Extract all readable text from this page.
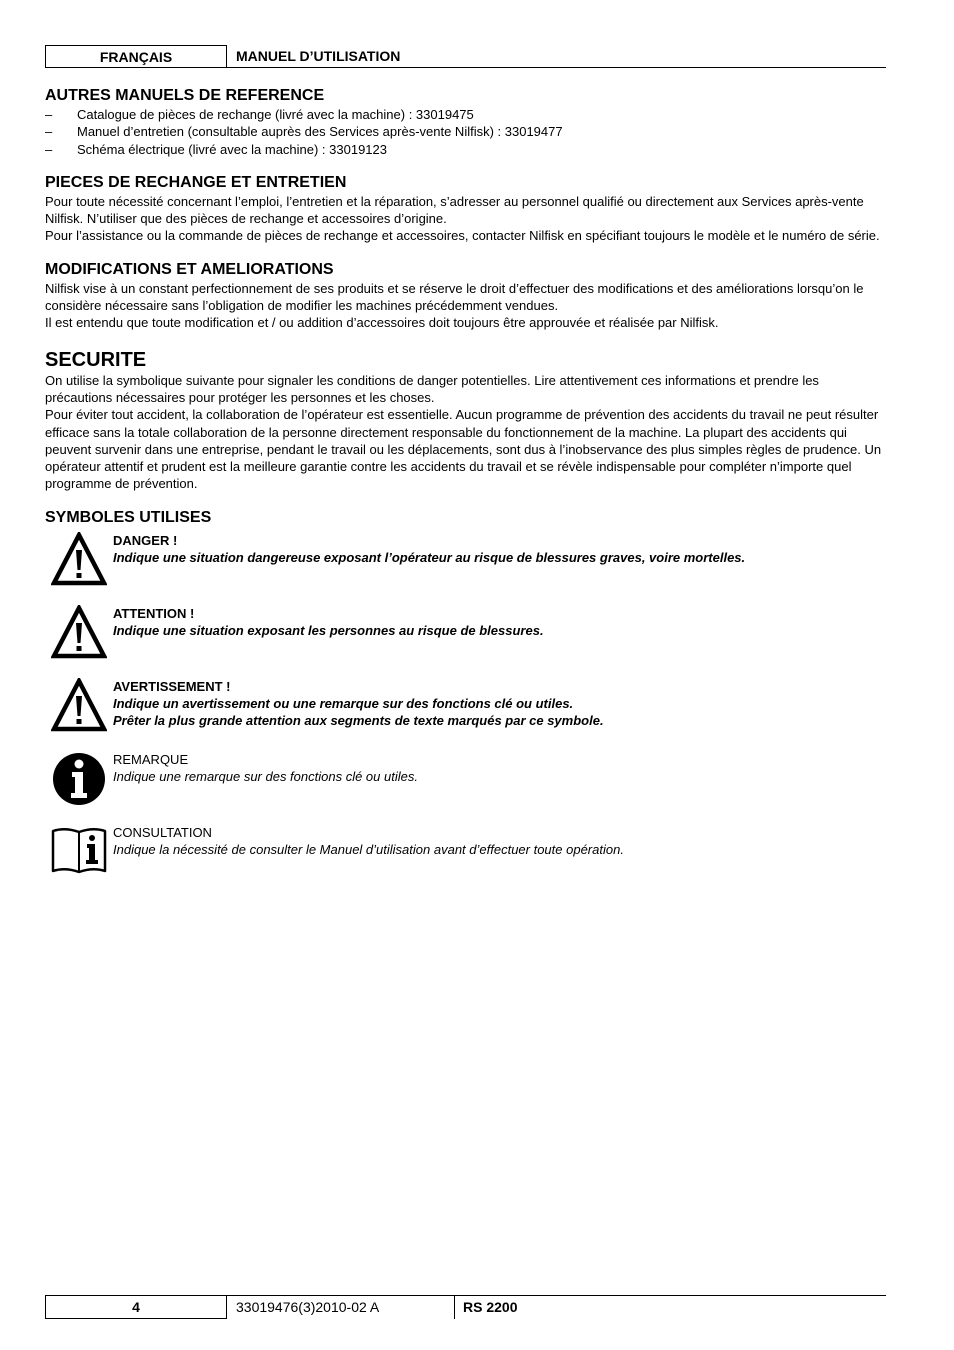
FRANÇAIS	MANUEL D’UTILISATION
AUTRES MANUELS DE REFERENCE
– Catalogue de pièces de rechange (livré avec la machine) : 33019475
– Manuel d’entretien (consultable auprès des Services après-vente Nilfisk) : 33019477
– Schéma électrique (livré avec la machine) : 33019123
PIECES DE RECHANGE ET ENTRETIEN

Pour toute nécessité concernant l’emploi, l’entretien et la réparation, s’adresser au personnel qualifié ou directement aux Services après-vente Nilfisk. N’utiliser que des pièces de rechange et accessoires d’origine.

Pour l’assistance ou la commande de pièces de rechange et accessoires, contacter Nilfisk en spécifiant toujours le modèle et le numéro de série.

MODIFICATIONS ET AMELIORATIONS

Nilfisk vise à un constant perfectionnement de ses produits et se réserve le droit d’effectuer des modifications et des améliorations lorsqu’on le considère nécessaire sans l’obligation de modifier les machines précédemment vendues.

Il est entendu que toute modification et / ou addition d’accessoires doit toujours être approuvée et réalisée par Nilfisk.

SECURITE

On utilise la symbolique suivante pour signaler les conditions de danger potentielles. Lire attentivement ces informations et prendre les précautions nécessaires pour protéger les personnes et les choses.

Pour éviter tout accident, la collaboration de l’opérateur est essentielle. Aucun programme de prévention des accidents du travail ne peut résulter efficace sans la totale collaboration de la personne directement responsable du fonctionnement de la machine. La plupart des accidents qui peuvent survenir dans une entreprise, pendant le travail ou les déplacements, sont dus à l’inobservance des plus simples règles de prudence. Un opérateur attentif et prudent est la meilleure garantie contre les accidents du travail et se révèle indispensable pour compléter n’importe quel programme de prévention.

SYMBOLES UTILISES
DANGER !
Indique une situation dangereuse exposant l’opérateur au risque de blessures graves, voire mortelles.
ATTENTION !
Indique une situation exposant les personnes au risque de blessures.
AVERTISSEMENT !
Indique un avertissement ou une remarque sur des fonctions clé ou utiles.
Prêter la plus grande attention aux segments de texte marqués par ce symbole.
REMARQUE
Indique une remarque sur des fonctions clé ou utiles.
CONSULTATION
Indique la nécessité de consulter le Manuel d’utilisation avant d’effectuer toute opération.
4	33019476(3)2010-02 A	RS 2200
